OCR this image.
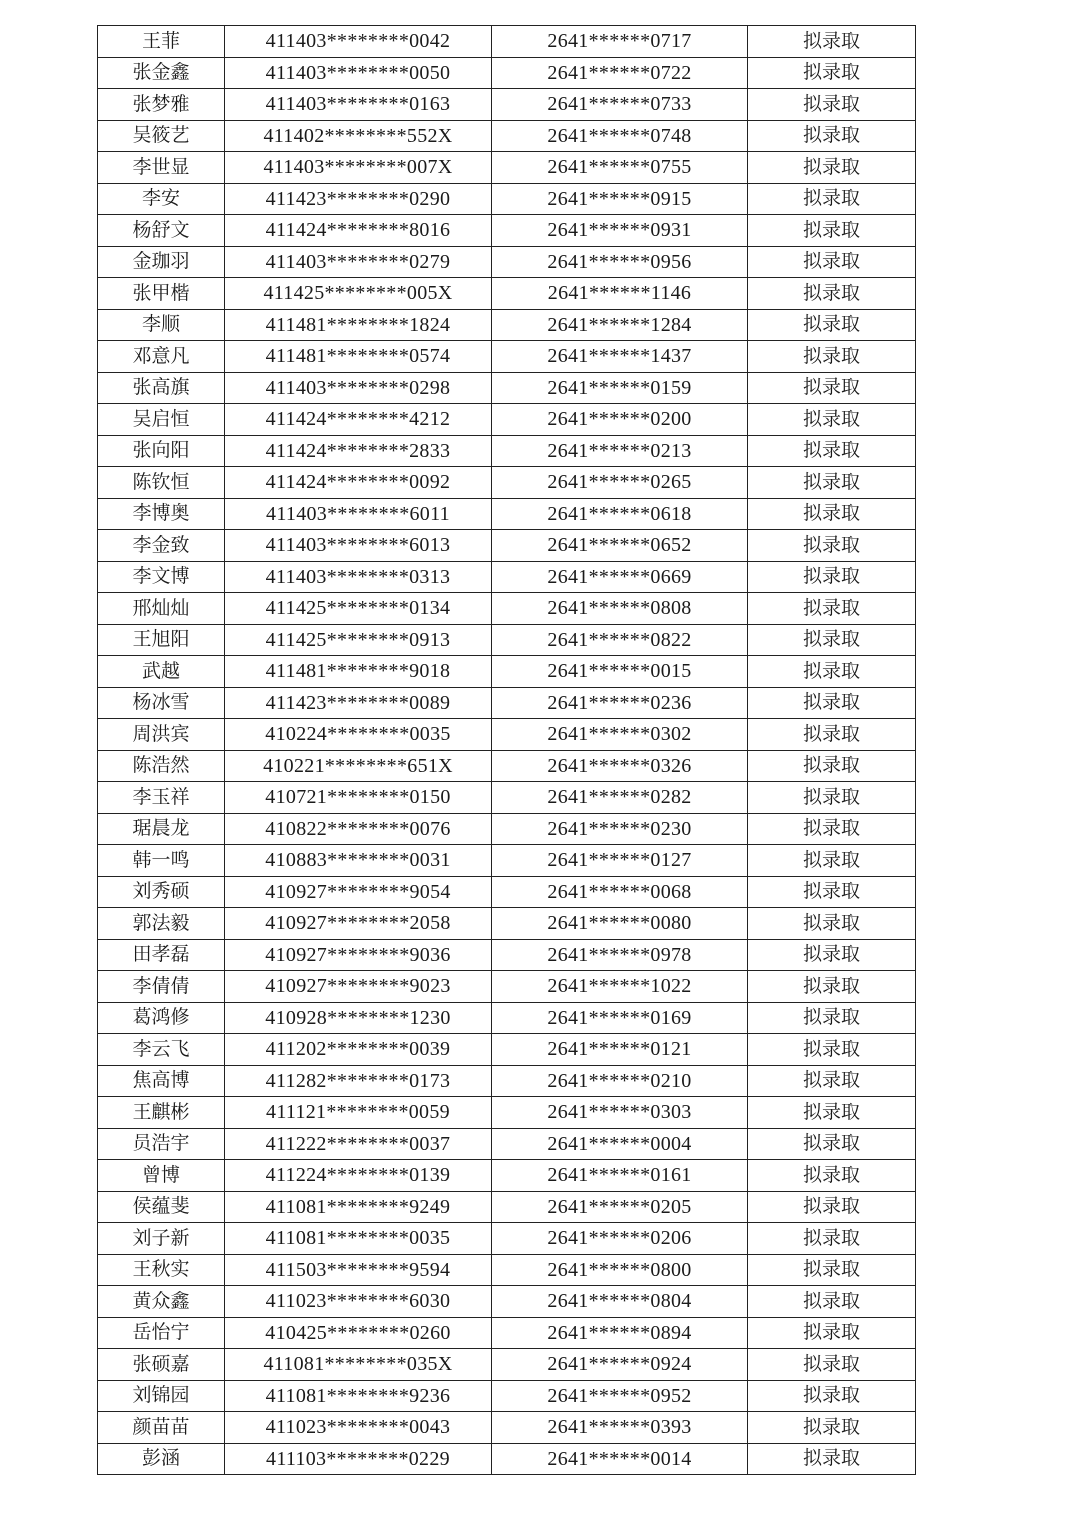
王菲	411403********0042	2641******0717	拟录取
张金鑫	411403********0050	2641******0722	拟录取
张梦雅	411403********0163	2641******0733	拟录取
吴筱艺	411402********552X	2641******0748	拟录取
李世显	411403********007X	2641******0755	拟录取
李安	411423********0290	2641******0915	拟录取
杨舒文	411424********8016	2641******0931	拟录取
金珈羽	411403********0279	2641******0956	拟录取
张甲楷	411425********005X	2641******1146	拟录取
李顺	411481********1824	2641******1284	拟录取
邓意凡	411481********0574	2641******1437	拟录取
张高旗	411403********0298	2641******0159	拟录取
吴启恒	411424********4212	2641******0200	拟录取
张向阳	411424********2833	2641******0213	拟录取
陈钦恒	411424********0092	2641******0265	拟录取
李博奥	411403********6011	2641******0618	拟录取
李金致	411403********6013	2641******0652	拟录取
李文博	411403********0313	2641******0669	拟录取
邢灿灿	411425********0134	2641******0808	拟录取
王旭阳	411425********0913	2641******0822	拟录取
武越	411481********9018	2641******0015	拟录取
杨冰雪	411423********0089	2641******0236	拟录取
周洪宾	410224********0035	2641******0302	拟录取
陈浩然	410221********651X	2641******0326	拟录取
李玉祥	410721********0150	2641******0282	拟录取
琚晨龙	410822********0076	2641******0230	拟录取
韩一鸣	410883********0031	2641******0127	拟录取
刘秀硕	410927********9054	2641******0068	拟录取
郭法毅	410927********2058	2641******0080	拟录取
田孝磊	410927********9036	2641******0978	拟录取
李倩倩	410927********9023	2641******1022	拟录取
葛鸿修	410928********1230	2641******0169	拟录取
李云飞	411202********0039	2641******0121	拟录取
焦高博	411282********0173	2641******0210	拟录取
王麒彬	411121********0059	2641******0303	拟录取
员浩宇	411222********0037	2641******0004	拟录取
曾博	411224********0139	2641******0161	拟录取
侯蕴斐	411081********9249	2641******0205	拟录取
刘子新	411081********0035	2641******0206	拟录取
王秋实	411503********9594	2641******0800	拟录取
黄众鑫	411023********6030	2641******0804	拟录取
岳怡宁	410425********0260	2641******0894	拟录取
张硕嘉	411081********035X	2641******0924	拟录取
刘锦园	411081********9236	2641******0952	拟录取
颜苗苗	411023********0043	2641******0393	拟录取
彭涵	411103********0229	2641******0014	拟录取
